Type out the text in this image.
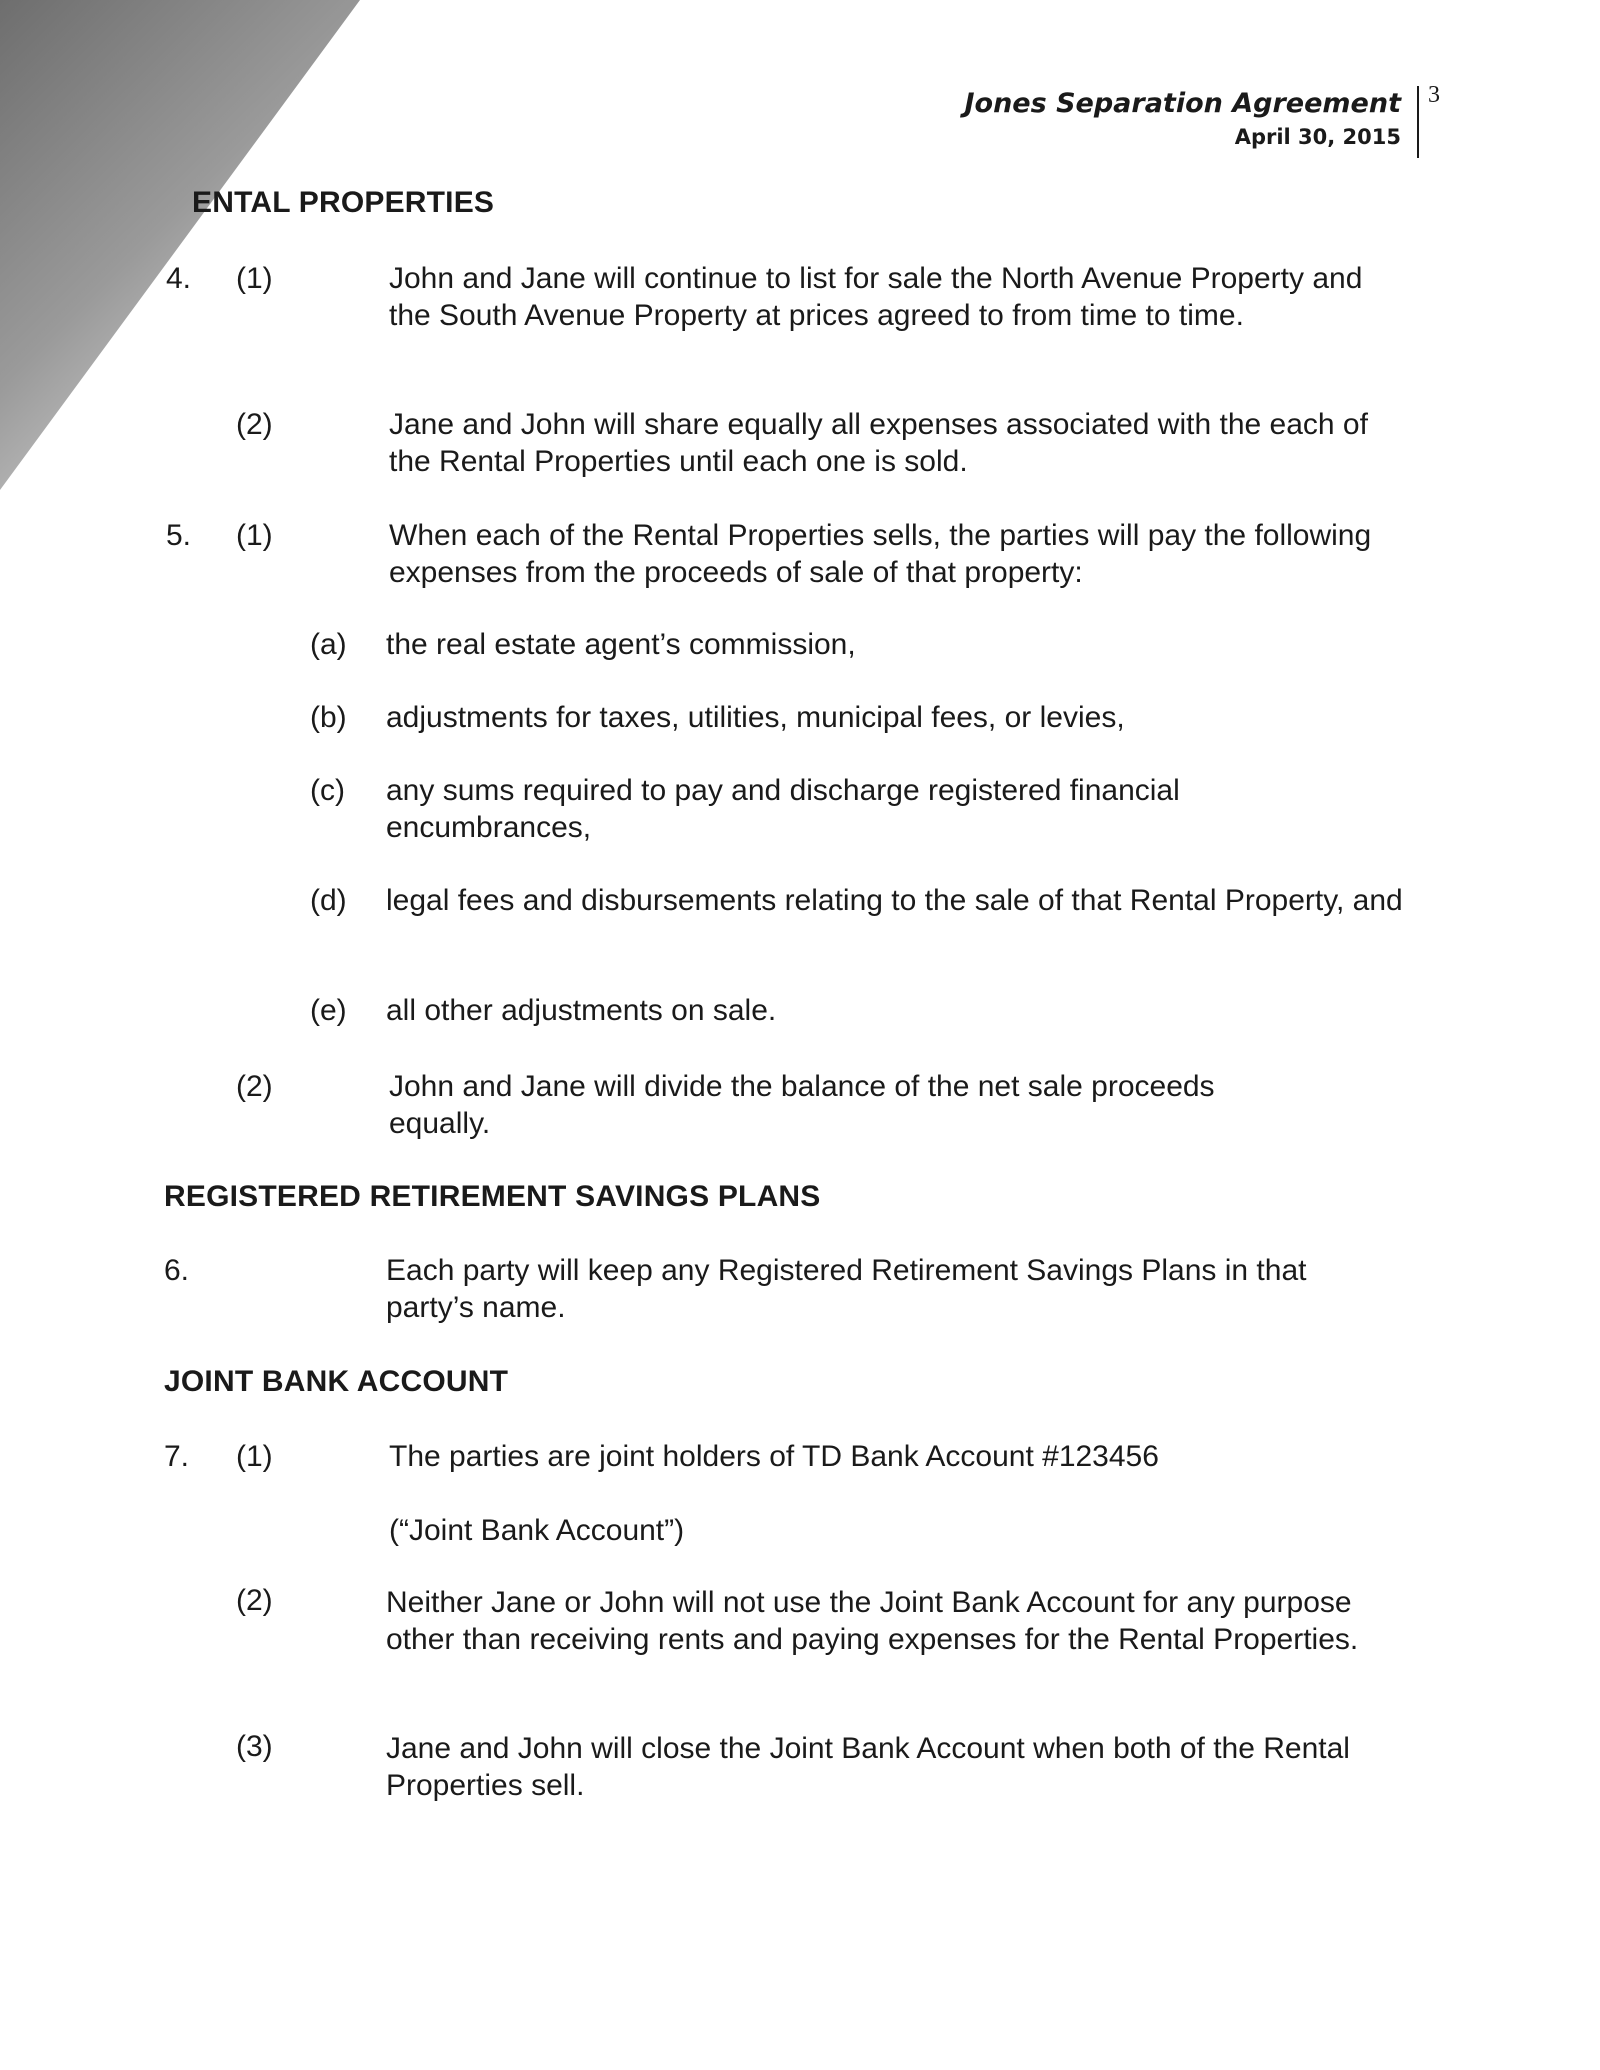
Jones Separation Agreement
April 30, 2015
3
ENTAL PROPERTIES
4. (1)	John and Jane will continue to list for sale the North Avenue Property and the South Avenue Property at prices agreed to from time to time.
(2)	Jane and John will share equally all expenses associated with the each of the Rental Properties until each one is sold.
5. (1)	When each of the Rental Properties sells, the parties will pay the following expenses from the proceeds of sale of that property:
(a) the real estate agent’s commission,
(b) adjustments for taxes, utilities, municipal fees, or levies,
(c) any sums required to pay and discharge registered financial encumbrances,
(d) legal fees and disbursements relating to the sale of that Rental Property, and
(e) all other adjustments on sale.
(2)	John and Jane will divide the balance of the net sale proceeds equally.
REGISTERED RETIREMENT SAVINGS PLANS
6.	Each party will keep any Registered Retirement Savings Plans in that party’s name.
JOINT BANK ACCOUNT
7. (1)	The parties are joint holders of TD Bank Account #123456
(“Joint Bank Account”)
(2)	Neither Jane or John will not use the Joint Bank Account for any purpose other than receiving rents and paying expenses for the Rental Properties.
(3)	Jane and John will close the Joint Bank Account when both of the Rental Properties sell.
